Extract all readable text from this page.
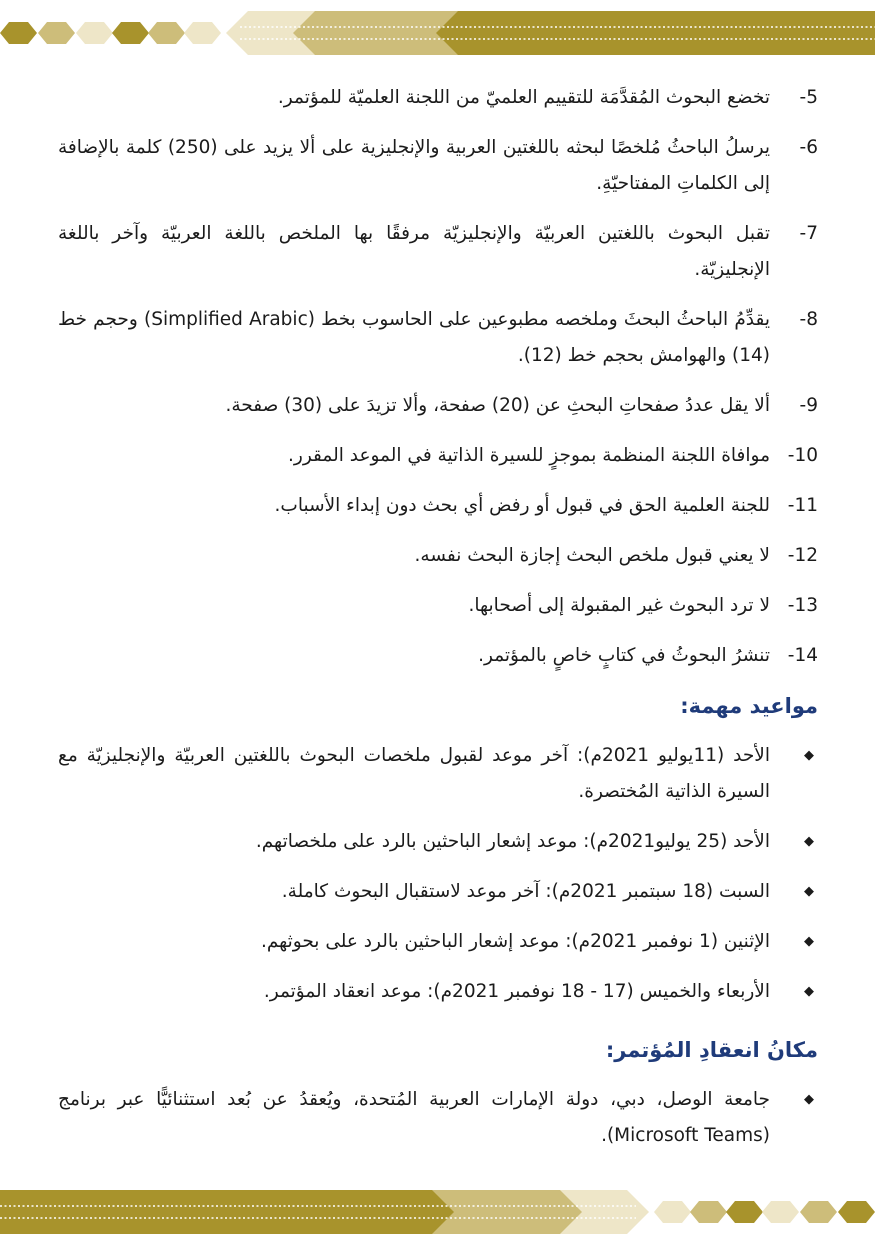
-5
تخضع البحوث المُقدَّمَة للتقييم العلميّ من اللجنة العلميّة للمؤتمر.
-6
يرسلُ الباحثُ مُلخصًا لبحثه باللغتين العربية والإنجليزية على ألا يزيد على (250) كلمة بالإضافة إلى الكلماتِ المفتاحيّةِ.
-7
تقبل البحوث باللغتين العربيّة والإنجليزيّة مرفقًا بها الملخص باللغة العربيّة وآخر باللغة الإنجليزيّة.
-8
يقدِّمُ الباحثُ البحثَ وملخصه مطبوعين على الحاسوب بخط (Simplified Arabic) وحجم خط (14) والهوامش بحجم خط (12).
-9
ألا يقل عددُ صفحاتِ البحثِ عن (20) صفحة، وألا تزيدَ على (30) صفحة.
-10
موافاة اللجنة المنظمة بموجزٍ للسيرة الذاتية في الموعد المقرر.
-11
للجنة العلمية الحق في قبول أو رفض أي بحث دون إبداء الأسباب.
-12
لا يعني قبول ملخص البحث إجازة البحث نفسه.
-13
لا ترد البحوث غير المقبولة إلى أصحابها.
-14
تنشرُ البحوثُ في كتابٍ خاصٍ بالمؤتمر.
مواعيد مهمة:
◆
الأحد (11يوليو 2021م): آخر موعد لقبول ملخصات البحوث باللغتين العربيّة والإنجليزيّة مع السيرة الذاتية المُختصرة.
◆
الأحد (25 يوليو2021م): موعد إشعار الباحثين بالرد على ملخصاتهم.
◆
السبت (18 سبتمبر 2021م): آخر موعد لاستقبال البحوث كاملة.
◆
الإثنين (1 نوفمبر 2021م): موعد إشعار الباحثين بالرد على بحوثهم.
◆
الأربعاء والخميس (17 - 18 نوفمبر 2021م): موعد انعقاد المؤتمر.
مكانُ انعقادِ المُؤتمر:
◆
جامعة الوصل، دبي، دولة الإمارات العربية المُتحدة، ويُعقدُ عن بُعد استثنائيًّا عبر برنامج (Microsoft Teams).
